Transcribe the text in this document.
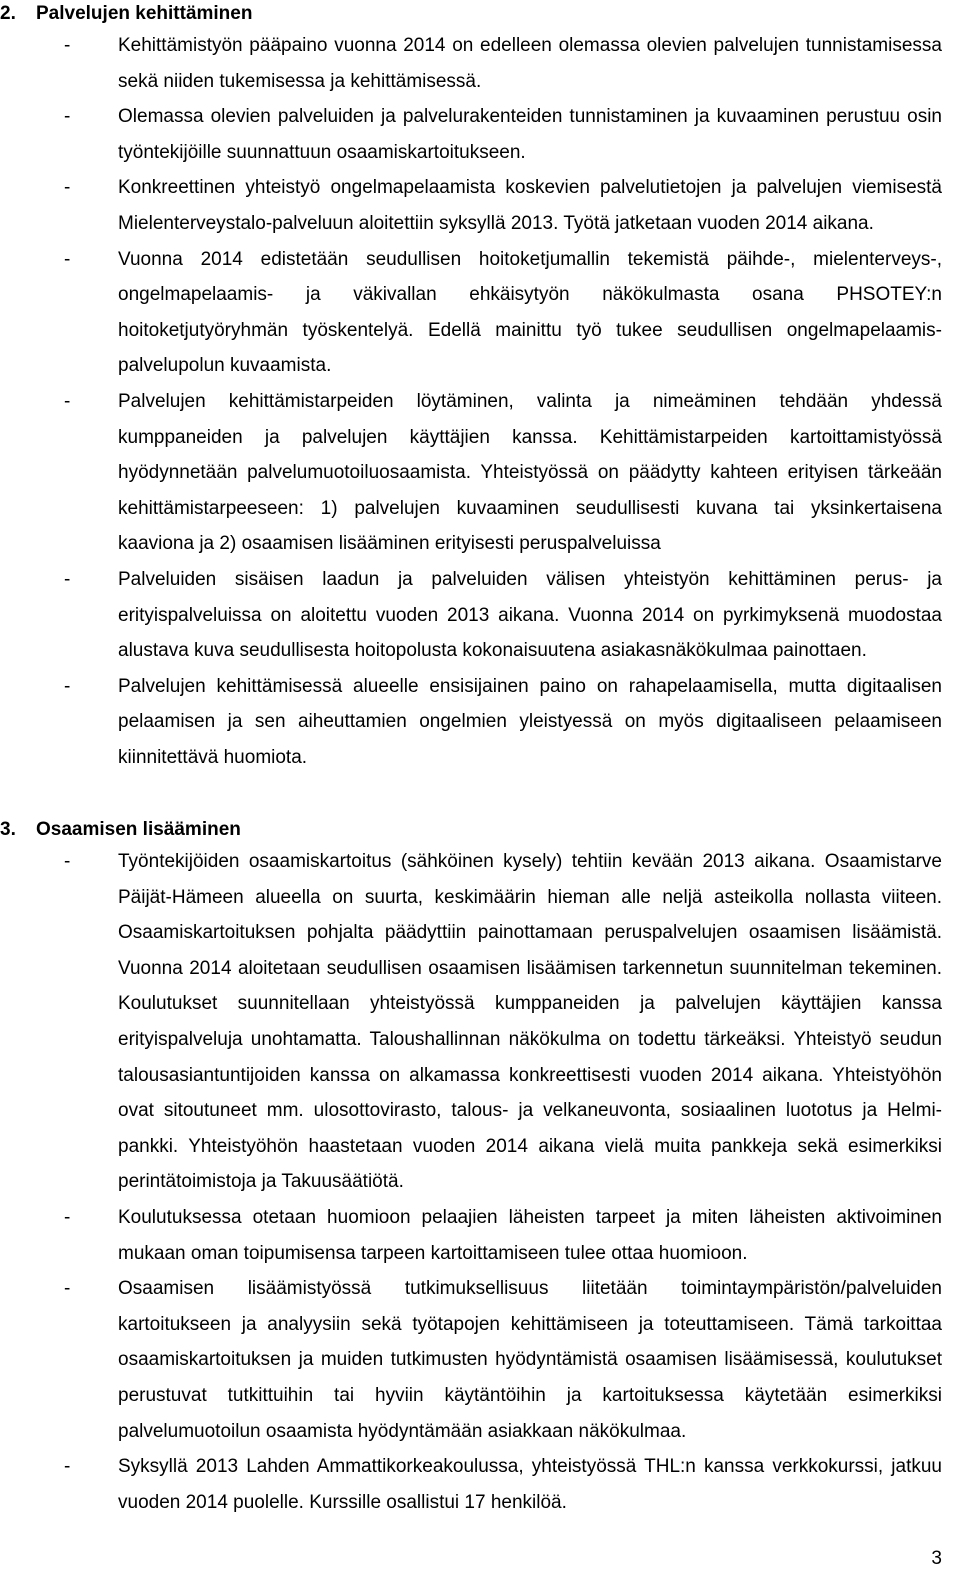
2. Palvelujen kehittäminen
-	Kehittämistyön pääpaino vuonna 2014 on edelleen olemassa olevien palvelujen tunnistamisessa sekä niiden tukemisessa ja kehittämisessä.
-	Olemassa olevien palveluiden ja palvelurakenteiden tunnistaminen ja kuvaaminen perustuu osin työntekijöille suunnattuun osaamiskartoitukseen.
-	Konkreettinen yhteistyö ongelmapelaamista koskevien palvelutietojen ja palvelujen viemisestä Mielenterveystalo-palveluun aloitettiin syksyllä 2013. Työtä jatketaan vuoden 2014 aikana.
-	Vuonna 2014 edistetään seudullisen hoitoketjumallin tekemistä päihde-, mielenterveys-, ongelmapelaamis- ja väkivallan ehkäisytyön näkökulmasta osana PHSOTEY:n hoitoketjutyöryhmän työskentelyä. Edellä mainittu työ tukee seudullisen ongelmapelaamis-palvelupolun kuvaamista.
-	Palvelujen kehittämistarpeiden löytäminen, valinta ja nimeäminen tehdään yhdessä kumppaneiden ja palvelujen käyttäjien kanssa. Kehittämistarpeiden kartoittamistyössä hyödynnetään palvelumuotoiluosaamista. Yhteistyössä on päädytty kahteen erityisen tärkeään kehittämistarpeeseen: 1) palvelujen kuvaaminen seudullisesti kuvana tai yksinkertaisena kaaviona ja 2) osaamisen lisääminen erityisesti peruspalveluissa
-	Palveluiden sisäisen laadun ja palveluiden välisen yhteistyön kehittäminen perus- ja erityispalveluissa on aloitettu vuoden 2013 aikana. Vuonna 2014 on pyrkimyksenä muodostaa alustava kuva seudullisesta hoitopolusta kokonaisuutena asiakasnäkökulmaa painottaen.
-	Palvelujen kehittämisessä alueelle ensisijainen paino on rahapelaamisella, mutta digitaalisen pelaamisen ja sen aiheuttamien ongelmien yleistyessä on myös digitaaliseen pelaamiseen kiinnitettävä huomiota.
3. Osaamisen lisääminen
-	Työntekijöiden osaamiskartoitus (sähköinen kysely) tehtiin kevään 2013 aikana. Osaamistarve Päijät-Hämeen alueella on suurta, keskimäärin hieman alle neljä asteikolla nollasta viiteen. Osaamiskartoituksen pohjalta päädyttiin painottamaan peruspalvelujen osaamisen lisäämistä. Vuonna 2014 aloitetaan seudullisen osaamisen lisäämisen tarkennetun suunnitelman tekeminen. Koulutukset suunnitellaan yhteistyössä kumppaneiden ja palvelujen käyttäjien kanssa erityispalveluja unohtamatta. Taloushallinnan näkökulma on todettu tärkeäksi. Yhteistyö seudun talousasiantuntijoiden kanssa on alkamassa konkreettisesti vuoden 2014 aikana. Yhteistyöhön ovat sitoutuneet mm. ulosottovirasto, talous- ja velkaneuvonta, sosiaalinen luototus ja Helmi-pankki. Yhteistyöhön haastetaan vuoden 2014 aikana vielä muita pankkeja sekä esimerkiksi perintätoimistoja ja Takuusäätiötä.
-	Koulutuksessa otetaan huomioon pelaajien läheisten tarpeet ja miten läheisten aktivoiminen mukaan oman toipumisensa tarpeen kartoittamiseen tulee ottaa huomioon.
-	Osaamisen lisäämistyössä tutkimuksellisuus liitetään toimintaympäristön/palveluiden kartoitukseen ja analyysiin sekä työtapojen kehittämiseen ja toteuttamiseen. Tämä tarkoittaa osaamiskartoituksen ja muiden tutkimusten hyödyntämistä osaamisen lisäämisessä, koulutukset perustuvat tutkittuihin tai hyviin käytäntöihin ja kartoituksessa käytetään esimerkiksi palvelumuotoilun osaamista hyödyntämään asiakkaan näkökulmaa.
-	Syksyllä 2013 Lahden Ammattikorkeakoulussa, yhteistyössä THL:n kanssa verkkokurssi, jatkuu vuoden 2014 puolelle. Kurssille osallistui 17 henkilöä.
3
